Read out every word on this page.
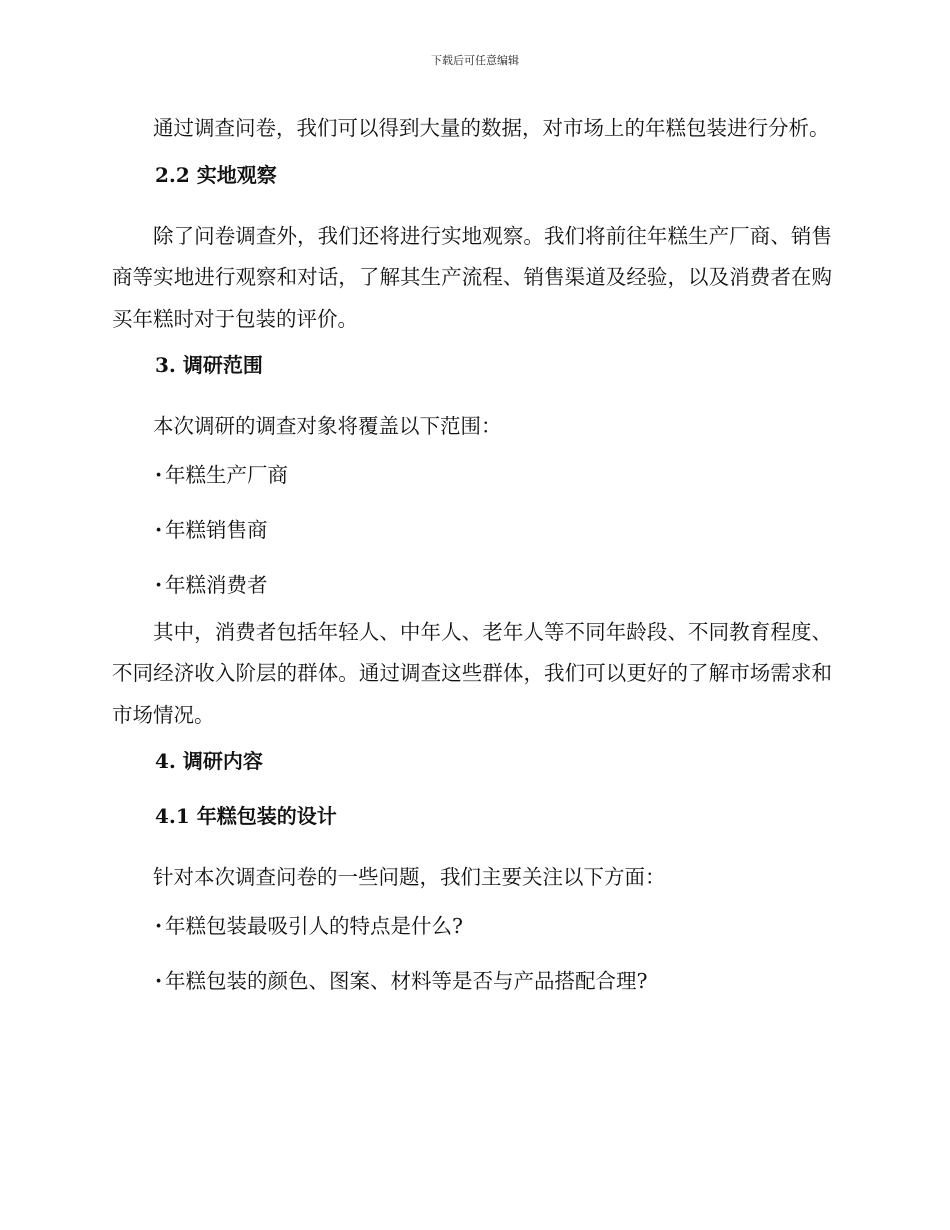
下载后可任意编辑

通过调查问卷，我们可以得到大量的数据，对市场上的年糕包装进行分析。

2.2 实地观察

除了问卷调查外，我们还将进行实地观察。我们将前往年糕生产厂商、销售商等实地进行观察和对话，了解其生产流程、销售渠道及经验，以及消费者在购买年糕时对于包装的评价。

3. 调研范围

本次调研的调查对象将覆盖以下范围：

· 年糕生产厂商

· 年糕销售商

· 年糕消费者

其中，消费者包括年轻人、中年人、老年人等不同年龄段、不同教育程度、不同经济收入阶层的群体。通过调查这些群体，我们可以更好的了解市场需求和市场情况。

4. 调研内容

4.1 年糕包装的设计

针对本次调查问卷的一些问题，我们主要关注以下方面：

· 年糕包装最吸引人的特点是什么?

· 年糕包装的颜色、图案、材料等是否与产品搭配合理?
